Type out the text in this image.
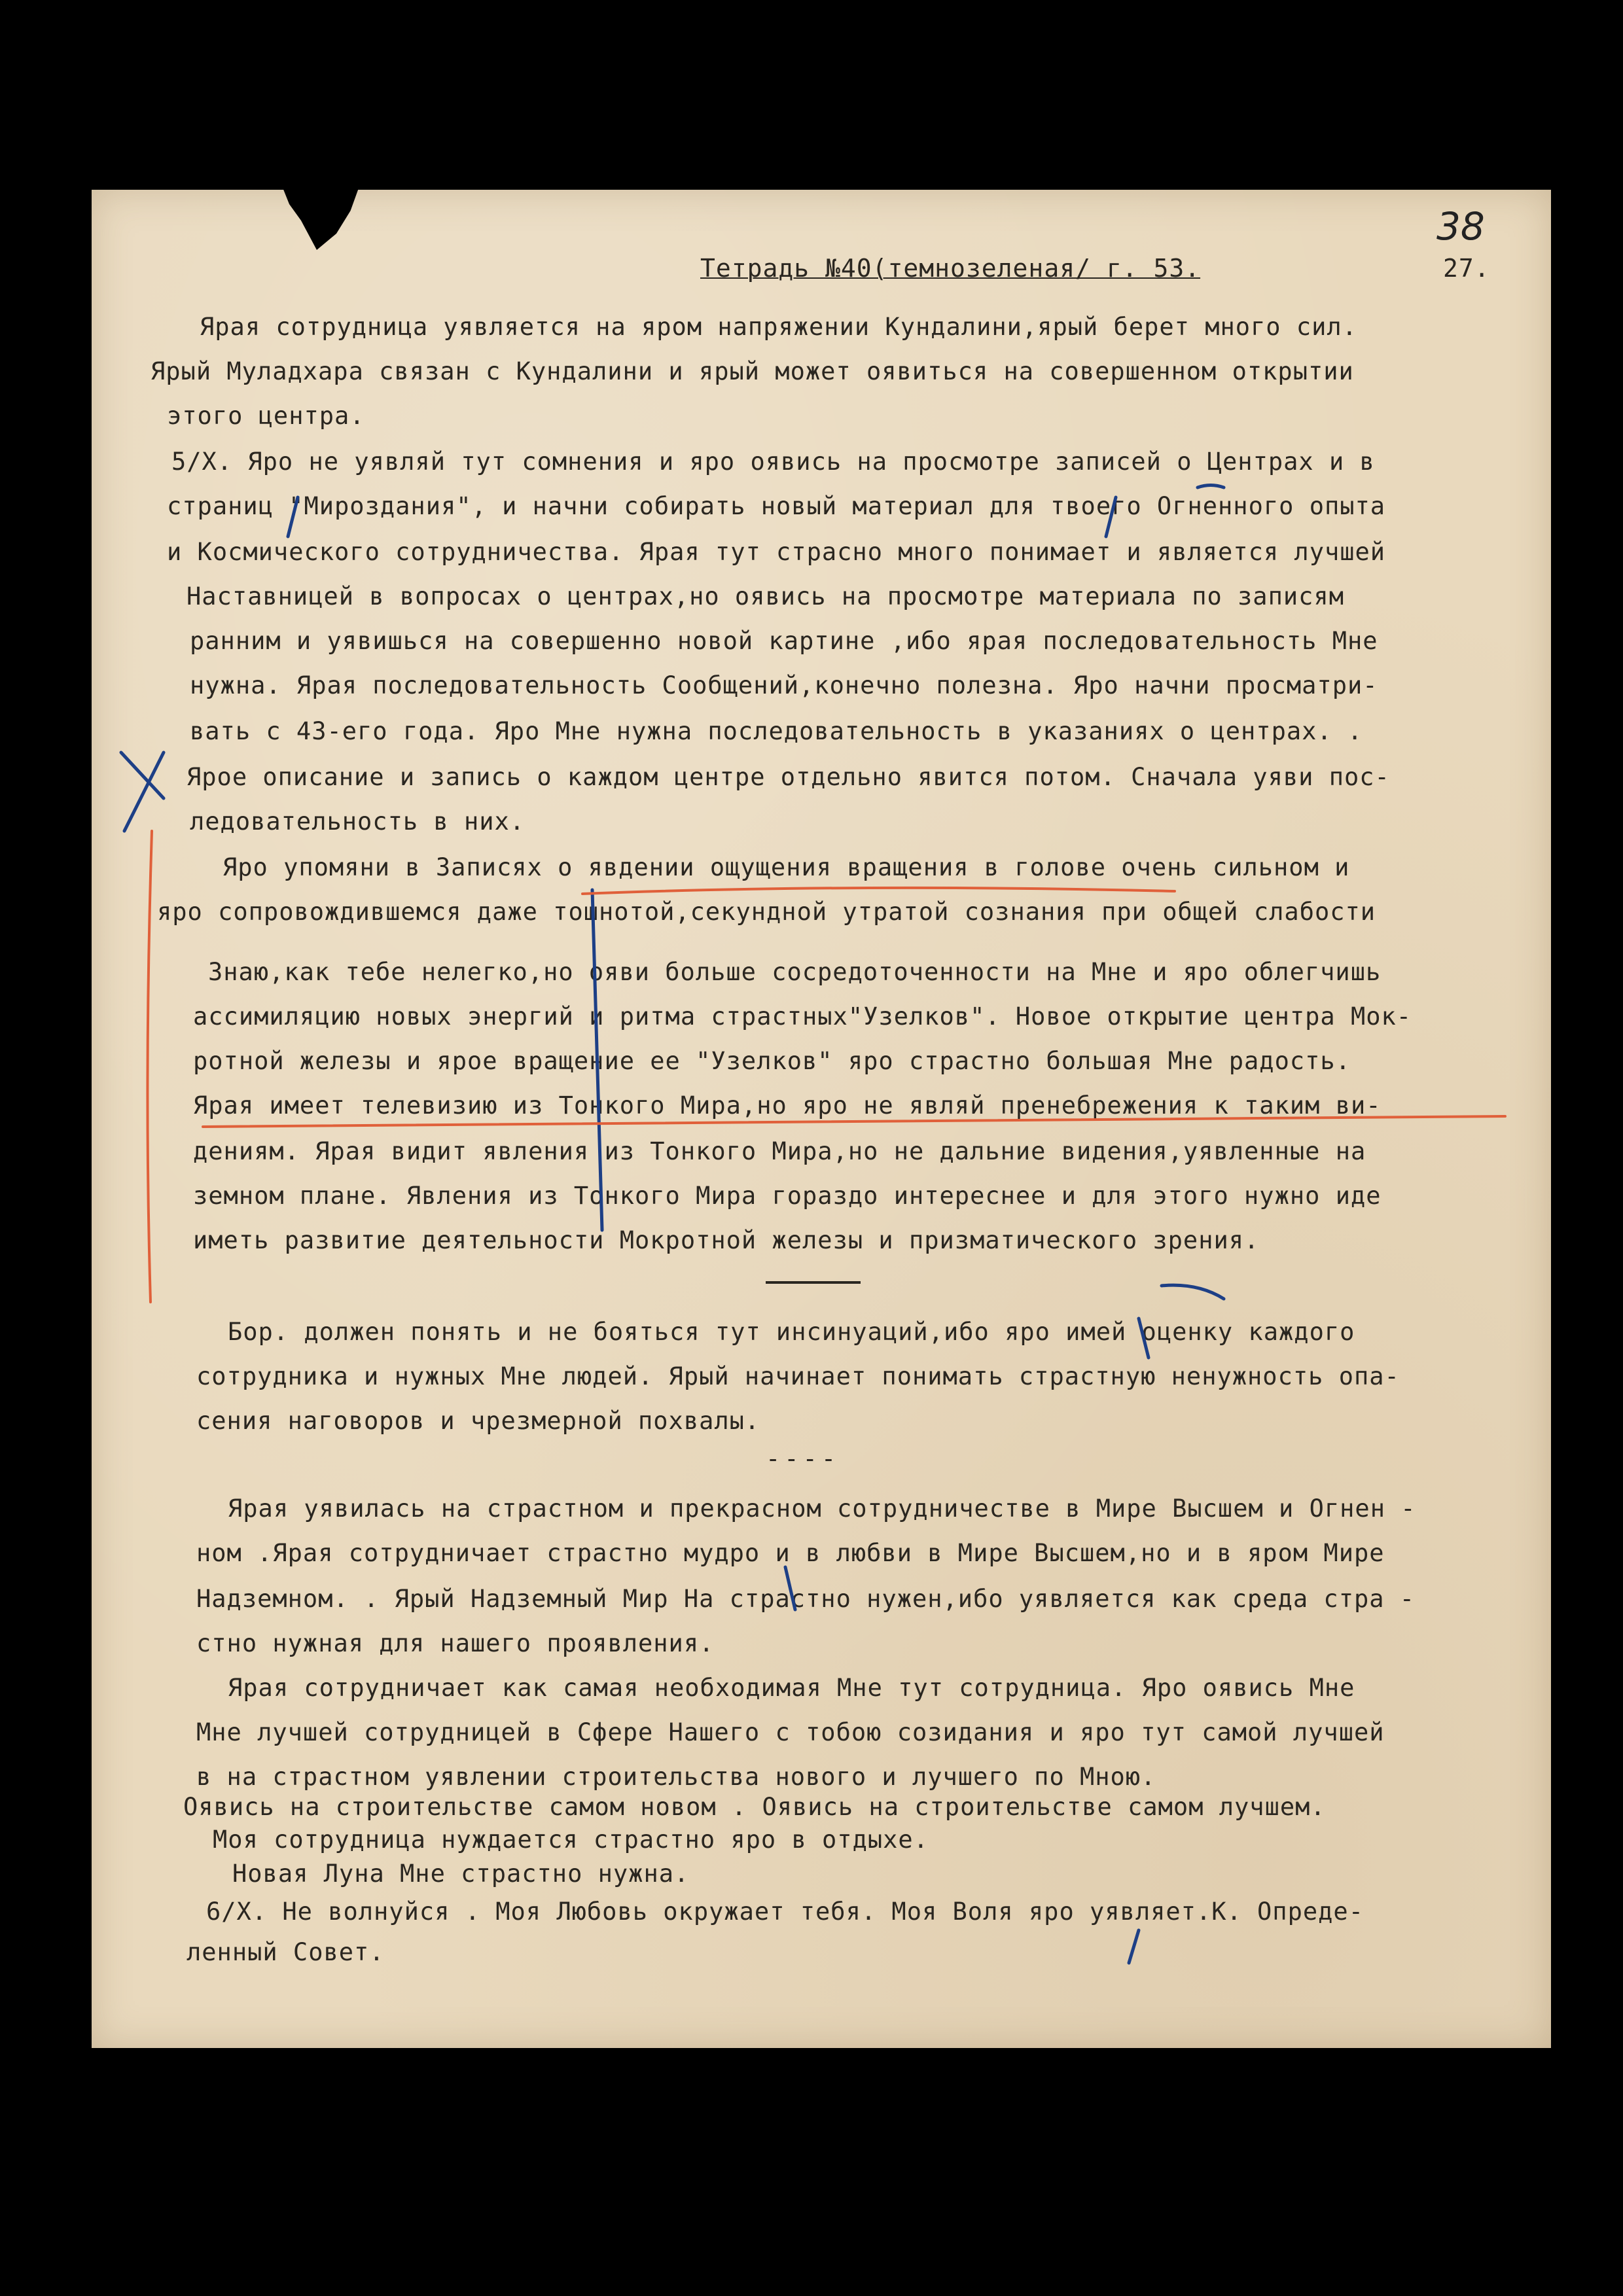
Тетрадь №40(темнозеленая/ г. 53.	27.
38
Ярая сотрудница уявляется на яром напряжении Кундалини,ярый берет много сил.
Ярый Муладхара связан с Кундалини и ярый может оявиться на совершенном открытии
этого центра.
5/Х. Яро не уявляй тут сомнения и яро оявись на просмотре записей о Центрах и в
страниц "Мироздания", и начни собирать новый материал для твоего Огненного опыта
и Космического сотрудничества. Ярая тут страсно много понимает и является лучшей
Наставницей в вопросах о центрах,но оявись на просмотре материала по записям
ранним и уявишься на совершенно новой картине ,ибо ярая последовательность Мне
нужна. Ярая последовательность Сообщений,конечно полезна. Яро начни просматри-
вать с 43-его года. Яро Мне нужна последовательность в указаниях о центрах. .
Ярое описание и запись о каждом центре отдельно явится потом. Сначала уяви пос-
ледовательность в них.
Яро упомяни в Записях о явдении ощущения вращения в голове очень сильном и
яро сопровождившемся даже тошнотой,секундной утратой сознания при общей слабости
Знаю,как тебе нелегко,но ояви больше сосредоточенности на Мне и яро облегчишь
ассимиляцию новых энергий и ритма страстных"Узелков". Новое открытие центра Мок-
ротной железы и ярое вращение ее "Узелков" яро страстно большая Мне радость.
Ярая имеет телевизию из Тонкого Мира,но яро не являй пренебрежения к таким ви-
дениям. Ярая видит явления из Тонкого Мира,но не дальние видения,уявленные на
земном плане. Явления из Тонкого Мира гораздо интереснее и для этого нужно иде
иметь развитие деятельности Мокротной железы и призматического зрения.
Бор. должен понять и не бояться тут инсинуаций,ибо яро имей оценку каждого
сотрудника и нужных Мне людей. Ярый начинает понимать страстную ненужность опа-
сения наговоров и чрезмерной похвалы.
----
Ярая уявилась на страстном и прекрасном сотрудничестве в Мире Высшем и Огнен -
ном .Ярая сотрудничает страстно мудро и в любви в Мире Высшем,но и в яром Мире
Надземном. . Ярый Надземный Мир На страстно нужен,ибо уявляется как среда стра -
стно нужная для нашего проявления.
Ярая сотрудничает как самая необходимая Мне тут сотрудница. Яро оявись Мне
Мне лучшей сотрудницей в Сфере Нашего с тобою созидания и яро тут самой лучшей
в на страстном уявлении строительства нового и лучшего по Мною.
Оявись на строительстве самом новом . Оявись на строительстве самом лучшем.
Моя сотрудница нуждается страстно яро в отдыхе.
Новая Луна Мне страстно нужна.
6/Х. Не волнуйся . Моя Любовь окружает тебя. Моя Воля яро уявляет.К. Опреде-
ленный Совет.
